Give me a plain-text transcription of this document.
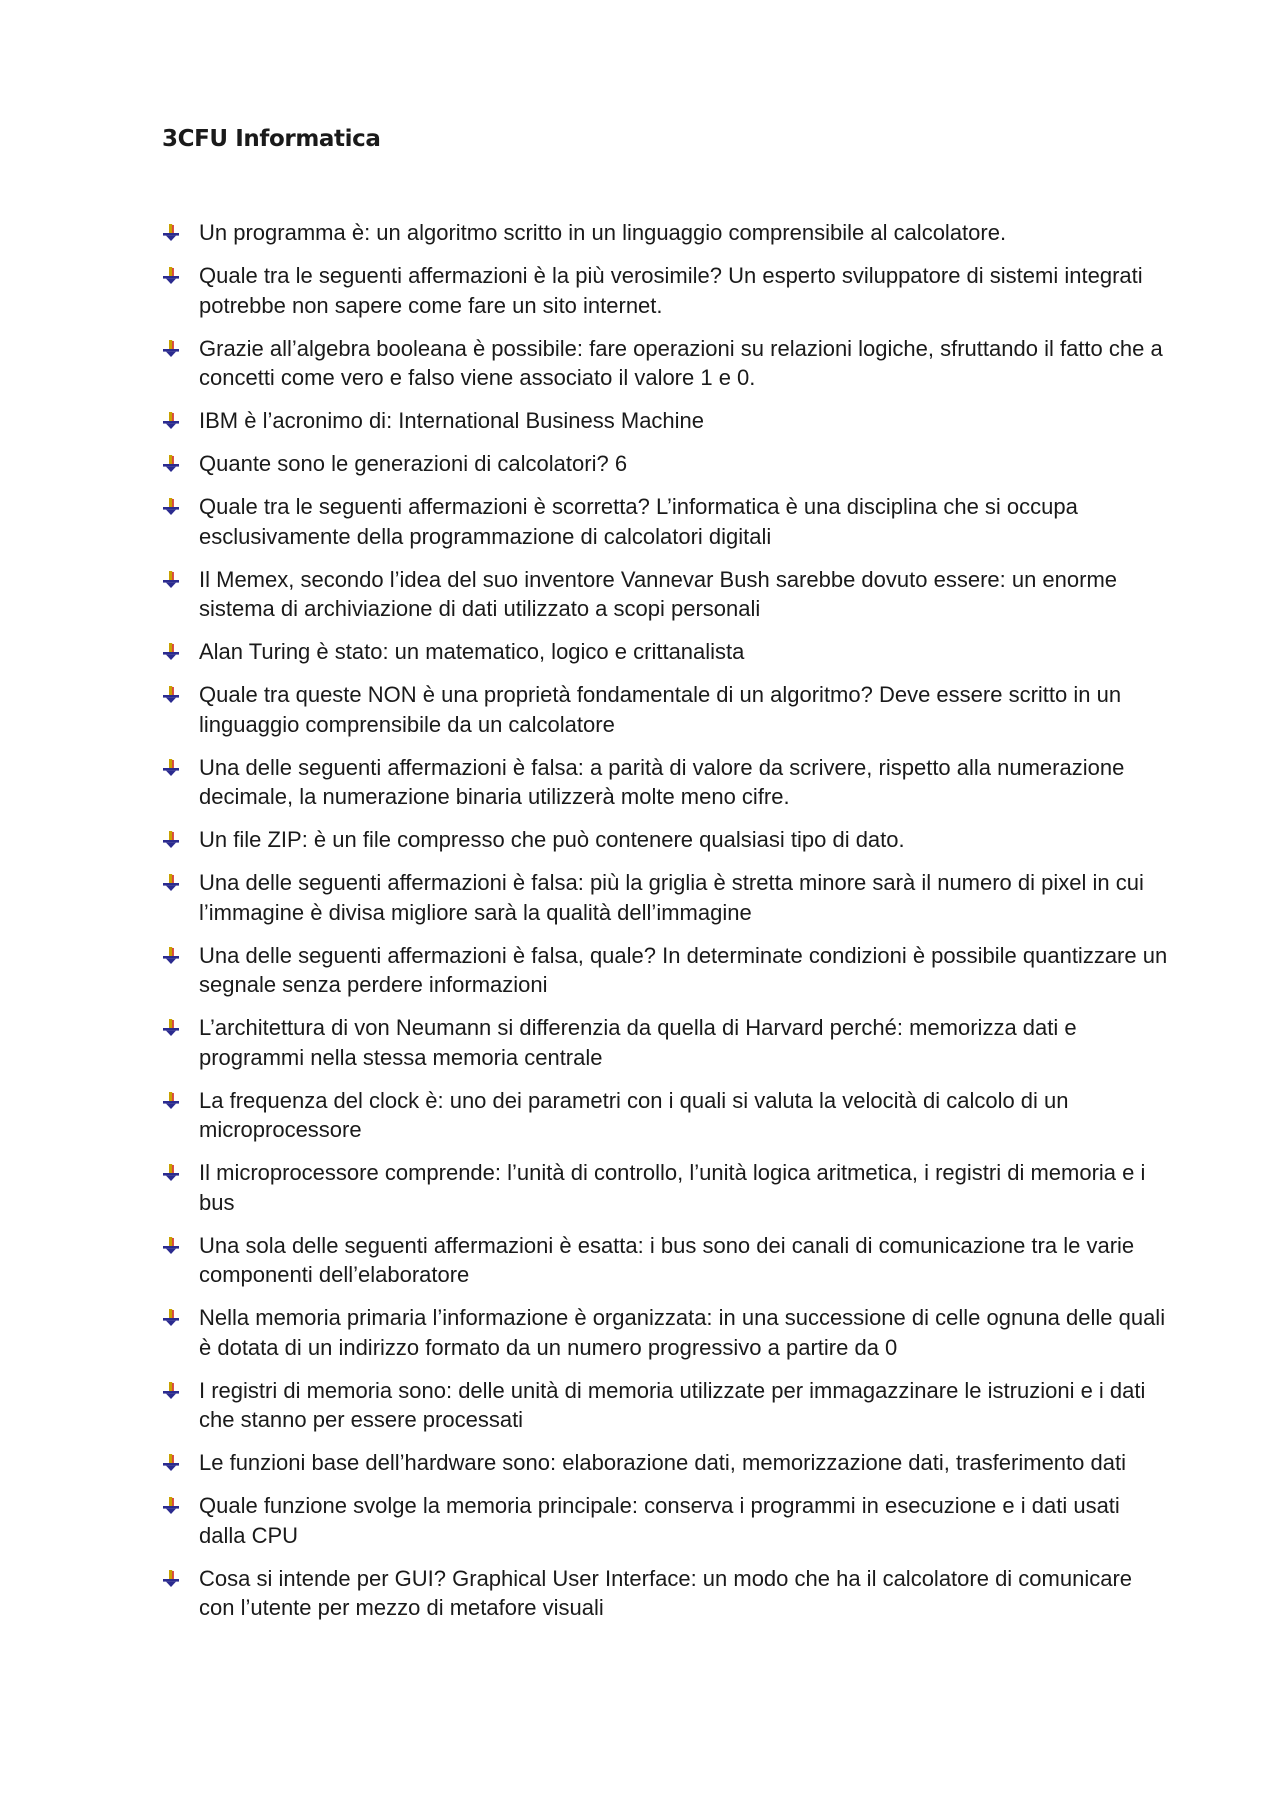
3CFU Informatica
Un programma è: un algoritmo scritto in un linguaggio comprensibile al calcolatore.
Quale tra le seguenti affermazioni è la più verosimile? Un esperto sviluppatore di sistemi integrati potrebbe non sapere come fare un sito internet.
Grazie all’algebra booleana è possibile: fare operazioni su relazioni logiche, sfruttando il fatto che a concetti come vero e falso viene associato il valore 1 e 0.
IBM è l’acronimo di: International Business Machine
Quante sono le generazioni di calcolatori? 6
Quale tra le seguenti affermazioni è scorretta? L’informatica è una disciplina che si occupa esclusivamente della programmazione di calcolatori digitali
Il Memex, secondo l’idea del suo inventore Vannevar Bush sarebbe dovuto essere: un enorme sistema di archiviazione di dati utilizzato a scopi personali
Alan Turing è stato: un matematico, logico e crittanalista
Quale tra queste NON è una proprietà fondamentale di un algoritmo? Deve essere scritto in un linguaggio comprensibile da un calcolatore
Una delle seguenti affermazioni è falsa: a parità di valore da scrivere, rispetto alla numerazione decimale, la numerazione binaria utilizzerà molte meno cifre.
Un file ZIP: è un file compresso che può contenere qualsiasi tipo di dato.
Una delle seguenti affermazioni è falsa: più la griglia è stretta minore sarà il numero di pixel in cui l’immagine è divisa migliore sarà la qualità dell’immagine
Una delle seguenti affermazioni è falsa, quale? In determinate condizioni è possibile quantizzare un segnale senza perdere informazioni
L’architettura di von Neumann si differenzia da quella di Harvard perché: memorizza dati e programmi nella stessa memoria centrale
La frequenza del clock è: uno dei parametri con i quali si valuta la velocità di calcolo di un microprocessore
Il microprocessore comprende: l’unità di controllo, l’unità logica aritmetica, i registri di memoria e i bus
Una sola delle seguenti affermazioni è esatta: i bus sono dei canali di comunicazione tra le varie componenti dell’elaboratore
Nella memoria primaria l’informazione è organizzata: in una successione di celle ognuna delle quali è dotata di un indirizzo formato da un numero progressivo a partire da 0
I registri di memoria sono: delle unità di memoria utilizzate per immagazzinare le istruzioni e i dati che stanno per essere processati
Le funzioni base dell’hardware sono: elaborazione dati, memorizzazione dati, trasferimento dati
Quale funzione svolge la memoria principale: conserva i programmi in esecuzione e i dati usati dalla CPU
Cosa si intende per GUI? Graphical User Interface: un modo che ha il calcolatore di comunicare con l’utente per mezzo di metafore visuali
